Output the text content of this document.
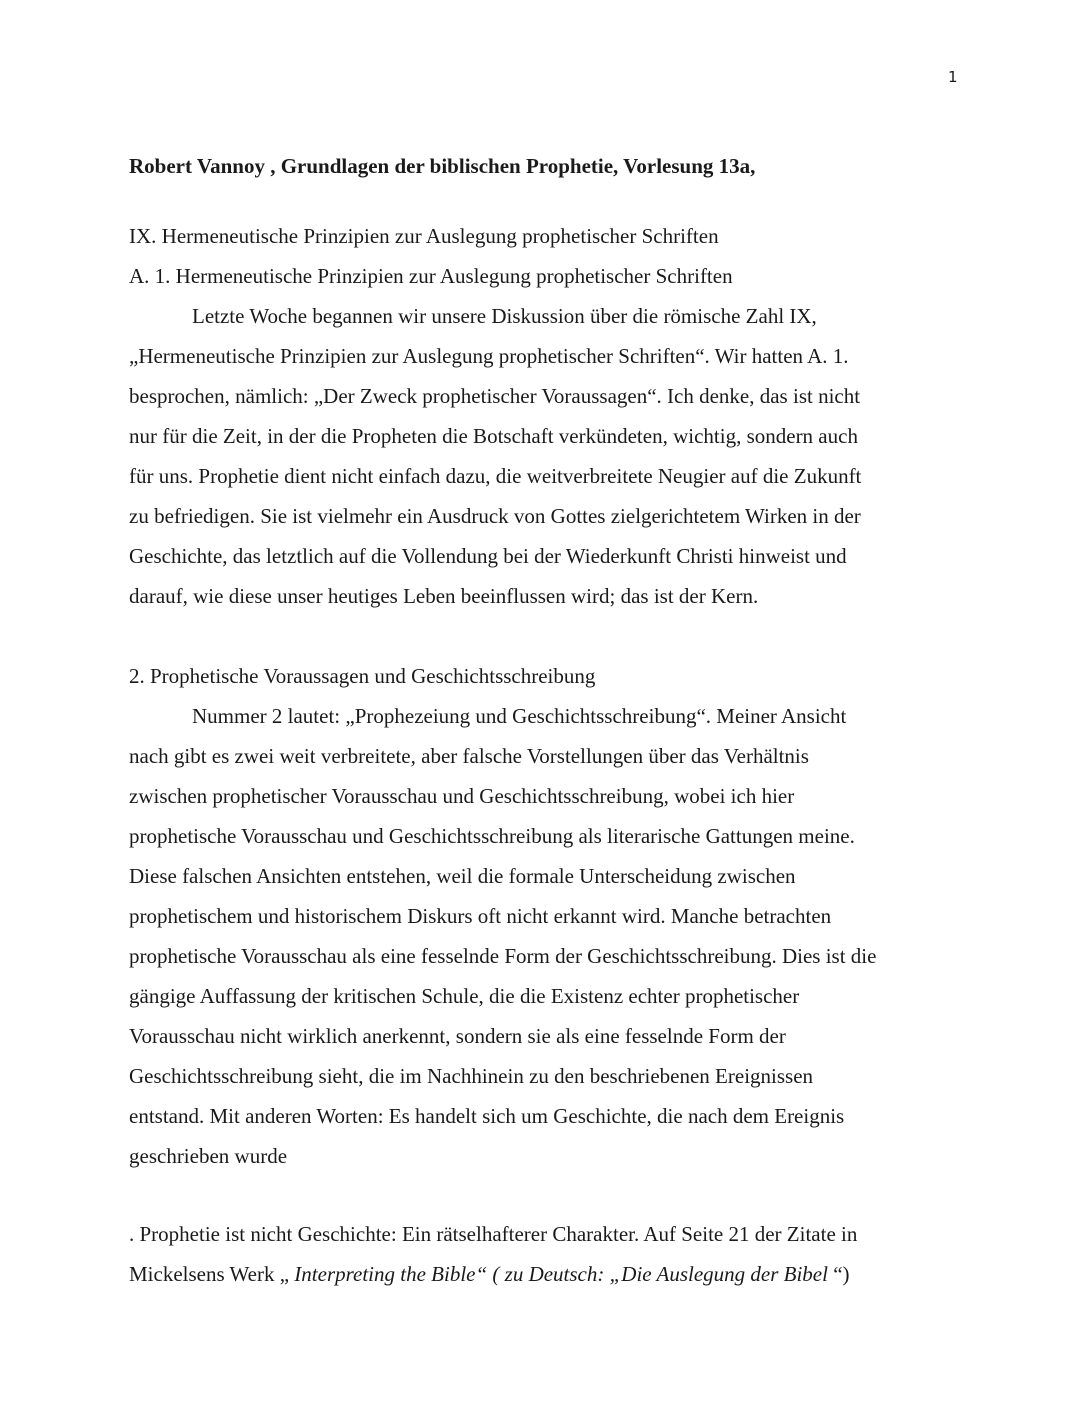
1

Robert Vannoy , Grundlagen der biblischen Prophetie, Vorlesung 13a,

IX. Hermeneutische Prinzipien zur Auslegung prophetischer Schriften

A. 1. Hermeneutische Prinzipien zur Auslegung prophetischer Schriften

Letzte Woche begannen wir unsere Diskussion über die römische Zahl IX,

„Hermeneutische Prinzipien zur Auslegung prophetischer Schriften“. Wir hatten A. 1.

besprochen, nämlich: „Der Zweck prophetischer Voraussagen“. Ich denke, das ist nicht

nur für die Zeit, in der die Propheten die Botschaft verkündeten, wichtig, sondern auch

für uns. Prophetie dient nicht einfach dazu, die weitverbreitete Neugier auf die Zukunft

zu befriedigen. Sie ist vielmehr ein Ausdruck von Gottes zielgerichtetem Wirken in der

Geschichte, das letztlich auf die Vollendung bei der Wiederkunft Christi hinweist und

darauf, wie diese unser heutiges Leben beeinflussen wird; das ist der Kern.

2. Prophetische Voraussagen und Geschichtsschreibung

Nummer 2 lautet: „Prophezeiung und Geschichtsschreibung“. Meiner Ansicht

nach gibt es zwei weit verbreitete, aber falsche Vorstellungen über das Verhältnis

zwischen prophetischer Vorausschau und Geschichtsschreibung, wobei ich hier

prophetische Vorausschau und Geschichtsschreibung als literarische Gattungen meine.

Diese falschen Ansichten entstehen, weil die formale Unterscheidung zwischen

prophetischem und historischem Diskurs oft nicht erkannt wird. Manche betrachten

prophetische Vorausschau als eine fesselnde Form der Geschichtsschreibung. Dies ist die

gängige Auffassung der kritischen Schule, die die Existenz echter prophetischer

Vorausschau nicht wirklich anerkennt, sondern sie als eine fesselnde Form der

Geschichtsschreibung sieht, die im Nachhinein zu den beschriebenen Ereignissen

entstand. Mit anderen Worten: Es handelt sich um Geschichte, die nach dem Ereignis

geschrieben wurde

. Prophetie ist nicht Geschichte: Ein rätselhafterer Charakter. Auf Seite 21 der Zitate in

Mickelsens Werk „ Interpreting the Bible“ ( zu Deutsch: „Die Auslegung der Bibel “)
